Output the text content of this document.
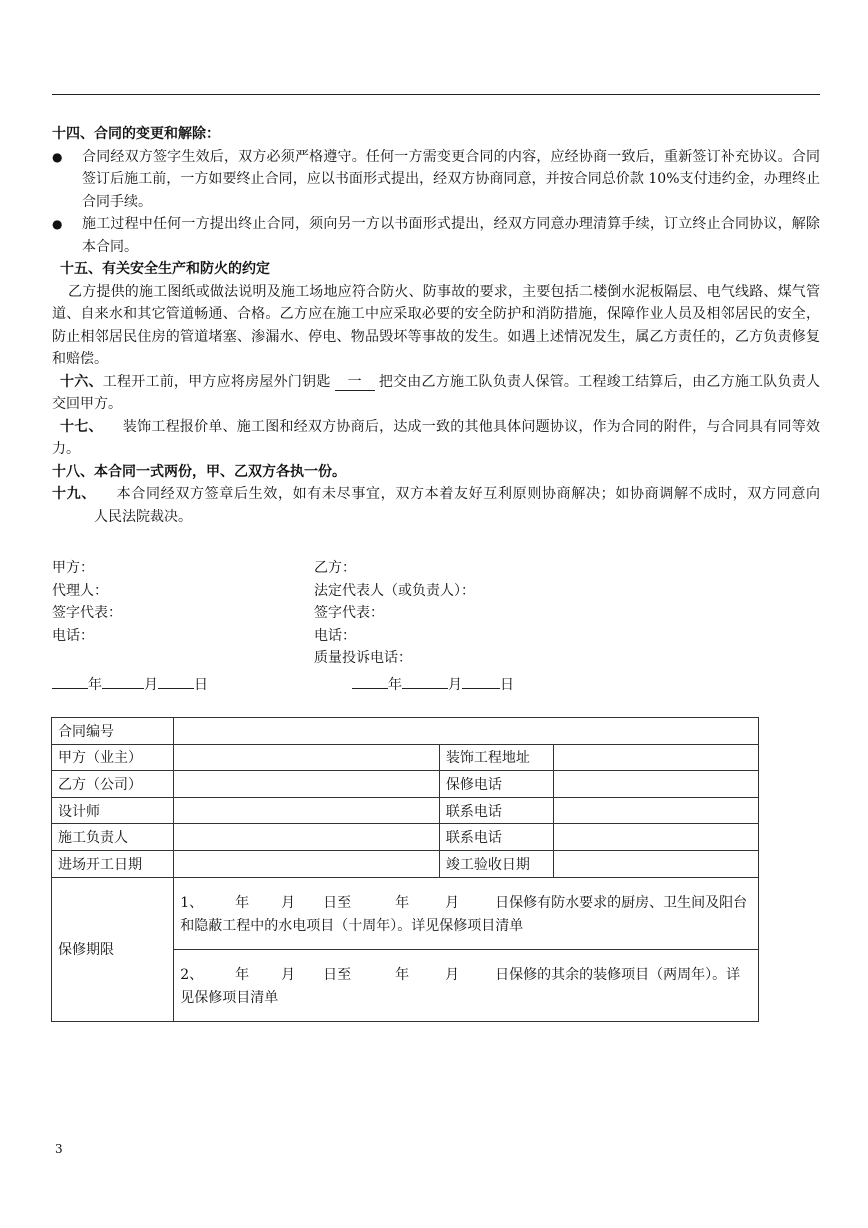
十四、合同的变更和解除：
●	合同经双方签字生效后，双方必须严格遵守。任何一方需变更合同的内容，应经协商一致后，重新签订补充协议。合同签订后施工前，一方如要终止合同，应以书面形式提出，经双方协商同意，并按合同总价款 10%支付违约金，办理终止合同手续。
●	施工过程中任何一方提出终止合同，须向另一方以书面形式提出，经双方同意办理清算手续，订立终止合同协议，解除本合同。
十五、有关安全生产和防火的约定
乙方提供的施工图纸或做法说明及施工场地应符合防火、防事故的要求，主要包括二楼倒水泥板隔层、电气线路、煤气管道、自来水和其它管道畅通、合格。乙方应在施工中应采取必要的安全防护和消防措施，保障作业人员及相邻居民的安全，防止相邻居民住房的管道堵塞、渗漏水、停电、物品毁坏等事故的发生。如遇上述情况发生，属乙方责任的，乙方负责修复和赔偿。
十六、工程开工前，甲方应将房屋外门钥匙 一 把交由乙方施工队负责人保管。工程竣工结算后，由乙方施工队负责人交回甲方。
十七、 装饰工程报价单、施工图和经双方协商后，达成一致的其他具体问题协议，作为合同的附件，与合同具有同等效力。
十八、本合同一式两份，甲、乙双方各执一份。
十九、 本合同经双方签章后生效，如有未尽事宜，双方本着友好互利原则协商解决；如协商调解不成时，双方同意向人民法院裁决。
甲方：	乙方：
代理人：	法定代表人（或负责人）：
签字代表：	签字代表：
电话：	电话：
质量投诉电话：
年	月	日	年	月	日
合同编号			
甲方（业主）		装饰工程地址	
乙方（公司）		保修电话	
设计师		联系电话	
施工负责人		联系电话	
进场开工日期		竣工验收日期	
保修期限	1、 年 月 日至 年 月 日保修有防水要求的厨房、卫生间及阳台和隐蔽工程中的水电项目（十周年）。详见保修项目清单		
	2、 年 月 日至 年 月 日保修的其余的装修项目（两周年）。详见保修项目清单		
3
